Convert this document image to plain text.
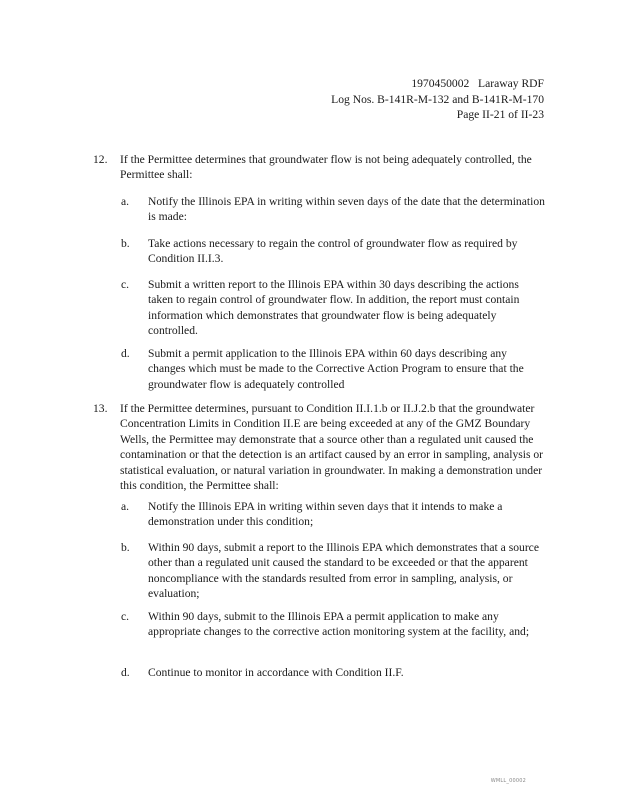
1970450002   Laraway RDF
Log Nos. B-141R-M-132 and B-141R-M-170
Page II-21 of II-23
12. If the Permittee determines that groundwater flow is not being adequately controlled, the Permittee shall:
a. Notify the Illinois EPA in writing within seven days of the date that the determination is made:
b. Take actions necessary to regain the control of groundwater flow as required by Condition II.I.3.
c. Submit a written report to the Illinois EPA within 30 days describing the actions taken to regain control of groundwater flow. In addition, the report must contain information which demonstrates that groundwater flow is being adequately controlled.
d. Submit a permit application to the Illinois EPA within 60 days describing any changes which must be made to the Corrective Action Program to ensure that the groundwater flow is adequately controlled
13. If the Permittee determines, pursuant to Condition II.I.1.b or II.J.2.b that the groundwater Concentration Limits in Condition II.E are being exceeded at any of the GMZ Boundary Wells, the Permittee may demonstrate that a source other than a regulated unit caused the contamination or that the detection is an artifact caused by an error in sampling, analysis or statistical evaluation, or natural variation in groundwater. In making a demonstration under this condition, the Permittee shall:
a. Notify the Illinois EPA in writing within seven days that it intends to make a demonstration under this condition;
b. Within 90 days, submit a report to the Illinois EPA which demonstrates that a source other than a regulated unit caused the standard to be exceeded or that the apparent noncompliance with the standards resulted from error in sampling, analysis, or evaluation;
c. Within 90 days, submit to the Illinois EPA a permit application to make any appropriate changes to the corrective action monitoring system at the facility, and;
d. Continue to monitor in accordance with Condition II.F.
WMLL_00002
